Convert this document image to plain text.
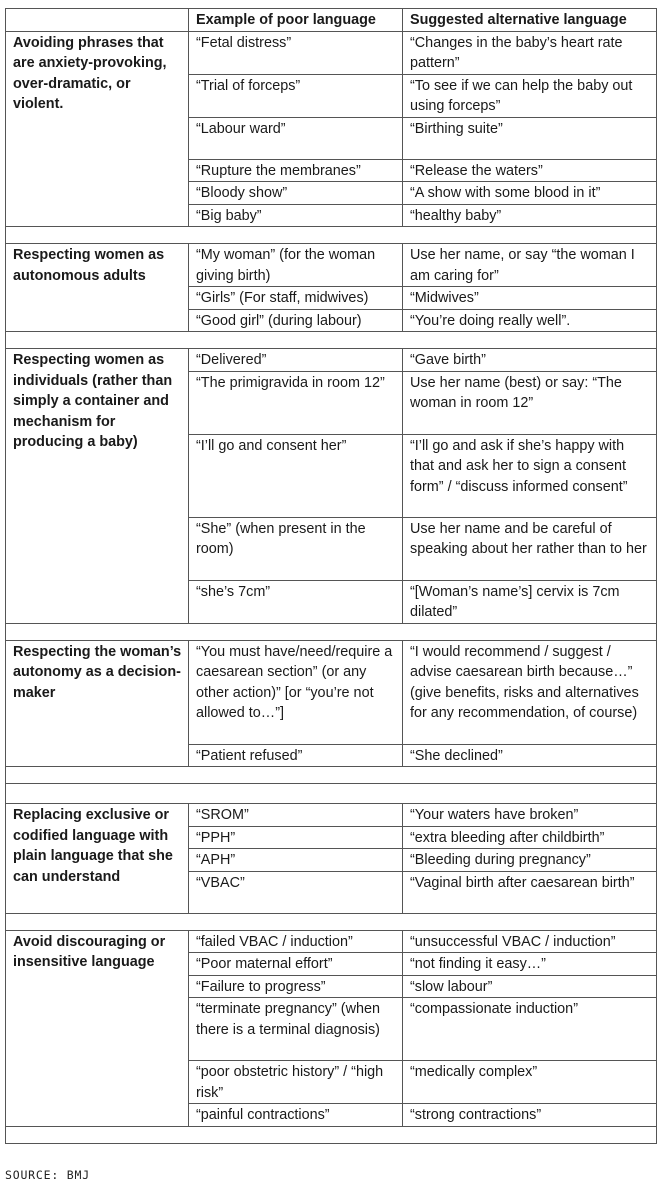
	Example of poor language	Suggested alternative language
Avoiding phrases that are anxiety-provoking, over-dramatic, or violent.	“Fetal distress”	“Changes in the baby’s heart rate pattern”
	“Trial of forceps”	“To see if we can help the baby out using forceps”
	“Labour ward”	“Birthing suite”
	“Rupture the membranes”	“Release the waters”
	“Bloody show”	“A show with some blood in it”
	“Big baby”	“healthy baby”

Respecting women as autonomous adults	“My woman” (for the woman giving birth)	Use her name, or say “the woman I am caring for”
	“Girls” (For staff, midwives)	“Midwives”
	“Good girl” (during labour)	“You’re doing really well”.

Respecting women as individuals (rather than simply a container and mechanism for producing a baby)	“Delivered”	“Gave birth”
	“The primigravida in room 12”	Use her name (best) or say: “The woman in room 12”
	“I’ll go and consent her”	“I’ll go and ask if she’s happy with that and ask her to sign a consent form” / “discuss informed consent”
	“She” (when present in the room)	Use her name and be careful of speaking about her rather than to her
	“she’s 7cm”	“[Woman’s name’s] cervix is 7cm dilated”

Respecting the woman’s autonomy as a decision-maker	“You must have/need/require a caesarean section” (or any other action)” [or “you’re not allowed to…”]	“I would recommend / suggest / advise caesarean birth because…” (give benefits, risks and alternatives for any recommendation, of course)
	“Patient refused”	“She declined”

Replacing exclusive or codified language with plain language that she can understand	“SROM”	“Your waters have broken”
	“PPH”	“extra bleeding after childbirth”
	“APH”	“Bleeding during pregnancy”
	“VBAC”	“Vaginal birth after caesarean birth”

Avoid discouraging or insensitive language	“failed VBAC / induction”	“unsuccessful VBAC / induction”
	“Poor maternal effort”	“not finding it easy…”
	“Failure to progress”	“slow labour”
	“terminate pregnancy” (when there is a terminal diagnosis)	“compassionate induction”
	“poor obstetric history” / “high risk”	“medically complex”
	“painful contractions”	“strong contractions”

SOURCE: BMJ
